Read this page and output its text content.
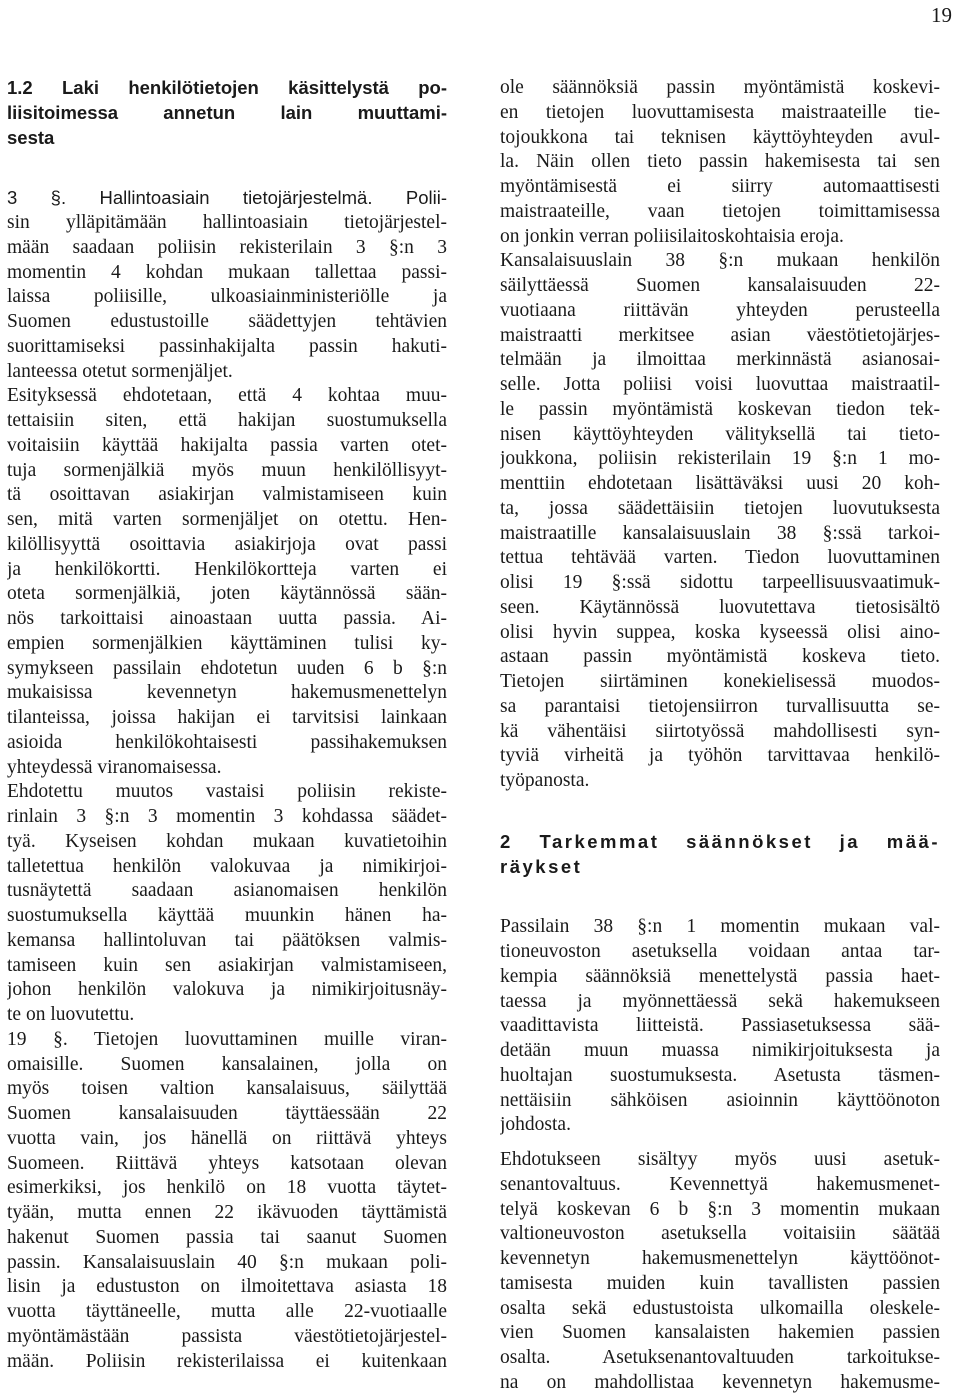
19
1.2 Laki henkilötietojen käsittelystä po-
liisitoimessa annetun lain muuttami-
sesta
3 §. Hallintoasiain tietojärjestelmä. Polii-
sin ylläpitämään hallintoasiain tietojärjestel-
mään saadaan poliisin rekisterilain 3 §:n 3
momentin 4 kohdan mukaan tallettaa passi-
laissa poliisille, ulkoasiainministeriölle ja
Suomen edustustoille säädettyjen tehtävien
suorittamiseksi passinhakijalta passin hakuti-
lanteessa otetut sormenjäljet.
Esityksessä ehdotetaan, että 4 kohtaa muu-
tettaisiin siten, että hakijan suostumuksella
voitaisiin käyttää hakijalta passia varten otet-
tuja sormenjälkiä myös muun henkilöllisyyt-
tä osoittavan asiakirjan valmistamiseen kuin
sen, mitä varten sormenjäljet on otettu. Hen-
kilöllisyyttä osoittavia asiakirjoja ovat passi
ja henkilökortti. Henkilökortteja varten ei
oteta sormenjälkiä, joten käytännössä sään-
nös tarkoittaisi ainoastaan uutta passia. Ai-
empien sormenjälkien käyttäminen tulisi ky-
symykseen passilain ehdotetun uuden 6 b §:n
mukaisissa kevennetyn hakemusmenettelyn
tilanteissa, joissa hakijan ei tarvitsisi lainkaan
asioida henkilökohtaisesti passihakemuksen
yhteydessä viranomaisessa.
Ehdotettu muutos vastaisi poliisin rekiste-
rinlain 3 §:n 3 momentin 3 kohdassa säädet-
tyä. Kyseisen kohdan mukaan kuvatietoihin
talletettua henkilön valokuvaa ja nimikirjoi-
tusnäytettä saadaan asianomaisen henkilön
suostumuksella käyttää muunkin hänen ha-
kemansa hallintoluvan tai päätöksen valmis-
tamiseen kuin sen asiakirjan valmistamiseen,
johon henkilön valokuva ja nimikirjoitusnäy-
te on luovutettu.
19 §. Tietojen luovuttaminen muille viran-
omaisille. Suomen kansalainen, jolla on
myös toisen valtion kansalaisuus, säilyttää
Suomen kansalaisuuden täyttäessään 22
vuotta vain, jos hänellä on riittävä yhteys
Suomeen. Riittävä yhteys katsotaan olevan
esimerkiksi, jos henkilö on 18 vuotta täytet-
tyään, mutta ennen 22 ikävuoden täyttämistä
hakenut Suomen passia tai saanut Suomen
passin. Kansalaisuuslain 40 §:n mukaan poli-
lisin ja edustuston on ilmoitettava asiasta 18
vuotta täyttäneelle, mutta alle 22-vuotiaalle
myöntämästään passista väestötietojärjestel-
mään. Poliisin rekisterilaissa ei kuitenkaan
ole säännöksiä passin myöntämistä koskevi-
en tietojen luovuttamisesta maistraateille tie-
tojoukkona tai teknisen käyttöyhteyden avul-
la. Näin ollen tieto passin hakemisesta tai sen
myöntämisestä ei siirry automaattisesti
maistraateille, vaan tietojen toimittamisessa
on jonkin verran poliisilaitoskohtaisia eroja.
Kansalaisuuslain 38 §:n mukaan henkilön
säilyttäessä Suomen kansalaisuuden 22-
vuotiaana riittävän yhteyden perusteella
maistraatti merkitsee asian väestötietojärjes-
telmään ja ilmoittaa merkinnästä asianosai-
selle. Jotta poliisi voisi luovuttaa maistraatil-
le passin myöntämistä koskevan tiedon tek-
nisen käyttöyhteyden välityksellä tai tieto-
joukkona, poliisin rekisterilain 19 §:n 1 mo-
menttiin ehdotetaan lisättäväksi uusi 20 koh-
ta, jossa säädettäisiin tietojen luovutuksesta
maistraatille kansalaisuuslain 38 §:ssä tarkoi-
tettua tehtävää varten. Tiedon luovuttaminen
olisi 19 §:ssä sidottu tarpeellisuusvaatimuk-
seen. Käytännössä luovutettava tietosisältö
olisi hyvin suppea, koska kyseessä olisi aino-
astaan passin myöntämistä koskeva tieto.
Tietojen siirtäminen konekielisessä muodos-
sa parantaisi tietojensiirron turvallisuutta se-
kä vähentäisi siirtotyössä mahdollisesti syn-
tyviä virheitä ja työhön tarvittavaa henkilö-
työpanosta.
2 Tarkemmat säännökset ja mää-
räykset
Passilain 38 §:n 1 momentin mukaan val-
tioneuvoston asetuksella voidaan antaa tar-
kempia säännöksiä menettelystä passia haet-
taessa ja myönnettäessä sekä hakemukseen
vaadittavista liitteistä. Passiasetuksessa sää-
detään muun muassa nimikirjoituksesta ja
huoltajan suostumuksesta. Asetusta täsmen-
nettäisiin sähköisen asioinnin käyttöönoton
johdosta.
Ehdotukseen sisältyy myös uusi asetuk-
senantovaltuus. Kevennettyä hakemusmenet-
telyä koskevan 6 b §:n 3 momentin mukaan
valtioneuvoston asetuksella voitaisiin säätää
kevennetyn hakemusmenettelyn käyttöönot-
tamisesta muiden kuin tavallisten passien
osalta sekä edustustoista ulkomailla oleskele-
vien Suomen kansalaisten hakemien passien
osalta. Asetuksenantovaltuuden tarkoitukse-
na on mahdollistaa kevennetyn hakemusme-
